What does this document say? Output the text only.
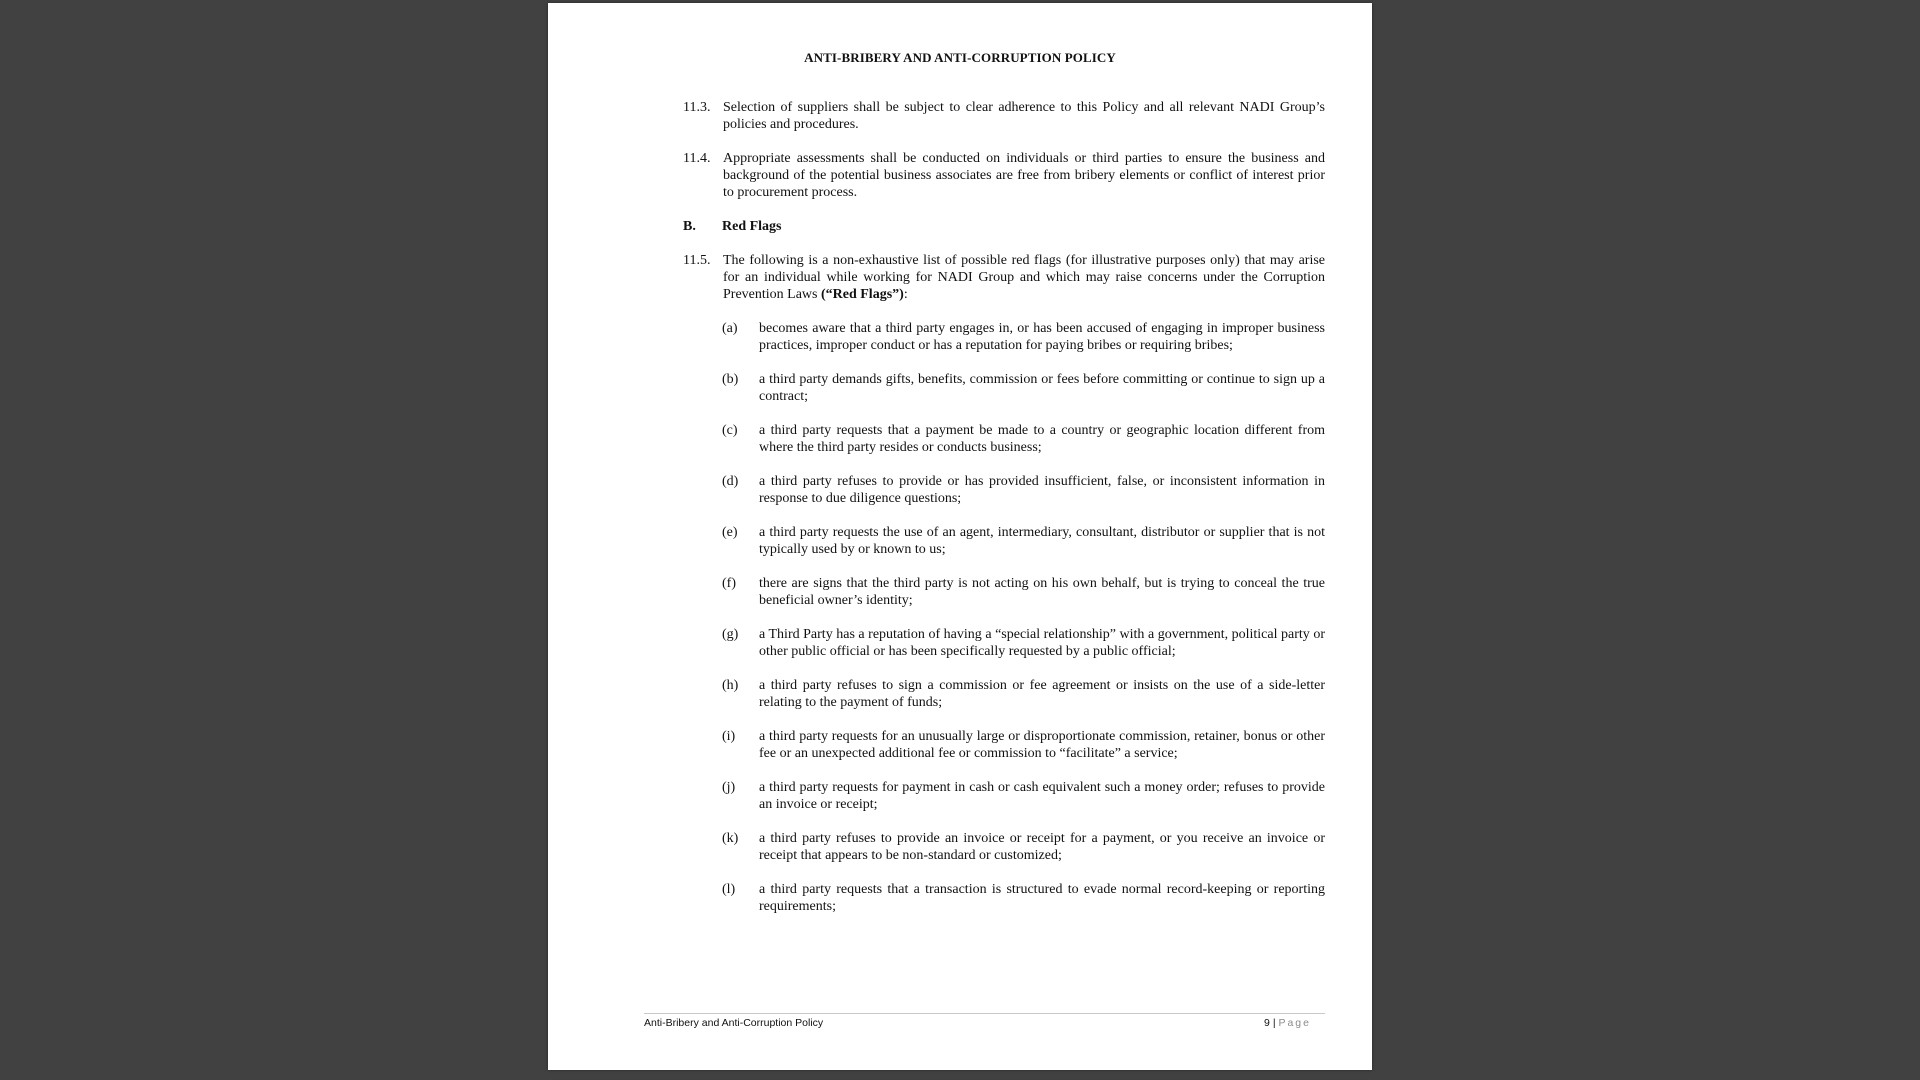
ANTI-BRIBERY AND ANTI-CORRUPTION POLICY
11.3. Selection of suppliers shall be subject to clear adherence to this Policy and all relevant NADI Group’s policies and procedures.
11.4. Appropriate assessments shall be conducted on individuals or third parties to ensure the business and background of the potential business associates are free from bribery elements or conflict of interest prior to procurement process.
B. Red Flags
11.5. The following is a non-exhaustive list of possible red flags (for illustrative purposes only) that may arise for an individual while working for NADI Group and which may raise concerns under the Corruption Prevention Laws (“Red Flags”):
(a) becomes aware that a third party engages in, or has been accused of engaging in improper business practices, improper conduct or has a reputation for paying bribes or requiring bribes;
(b) a third party demands gifts, benefits, commission or fees before committing or continue to sign up a contract;
(c) a third party requests that a payment be made to a country or geographic location different from where the third party resides or conducts business;
(d) a third party refuses to provide or has provided insufficient, false, or inconsistent information in response to due diligence questions;
(e) a third party requests the use of an agent, intermediary, consultant, distributor or supplier that is not typically used by or known to us;
(f) there are signs that the third party is not acting on his own behalf, but is trying to conceal the true beneficial owner’s identity;
(g) a Third Party has a reputation of having a “special relationship” with a government, political party or other public official or has been specifically requested by a public official;
(h) a third party refuses to sign a commission or fee agreement or insists on the use of a side-letter relating to the payment of funds;
(i) a third party requests for an unusually large or disproportionate commission, retainer, bonus or other fee or an unexpected additional fee or commission to “facilitate” a service;
(j) a third party requests for payment in cash or cash equivalent such a money order; refuses to provide an invoice or receipt;
(k) a third party refuses to provide an invoice or receipt for a payment, or you receive an invoice or receipt that appears to be non-standard or customized;
(l) a third party requests that a transaction is structured to evade normal record-keeping or reporting requirements;
Anti-Bribery and Anti-Corruption Policy	9 | Page
